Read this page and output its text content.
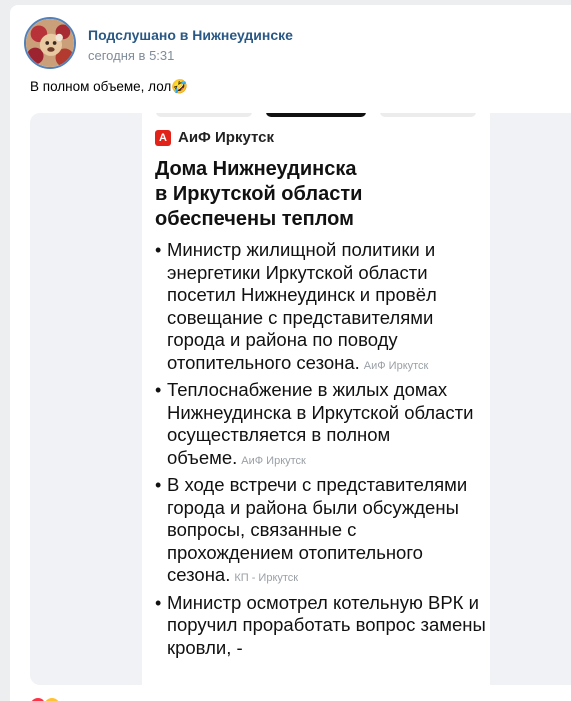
Подслушано в Нижнеудинске
сегодня в 5:31
В полном объеме, лол🤣
А АиФ Иркутск
Дома Нижнеудинска
в Иркутской области
обеспечены теплом
• Министр жилищной политики и энергетики Иркутской области посетил Нижнеудинск и провёл совещание с представителями города и района по поводу отопительного сезона. АиФ Иркутск
• Теплоснабжение в жилых домах Нижнеудинска в Иркутской области осуществляется в полном объеме. АиФ Иркутск
• В ходе встречи с представителями города и района были обсуждены вопросы, связанные с прохождением отопительного сезона. КП - Иркутск
• Министр осмотрел котельную ВРК и поручил проработать вопрос замены кровли, -
